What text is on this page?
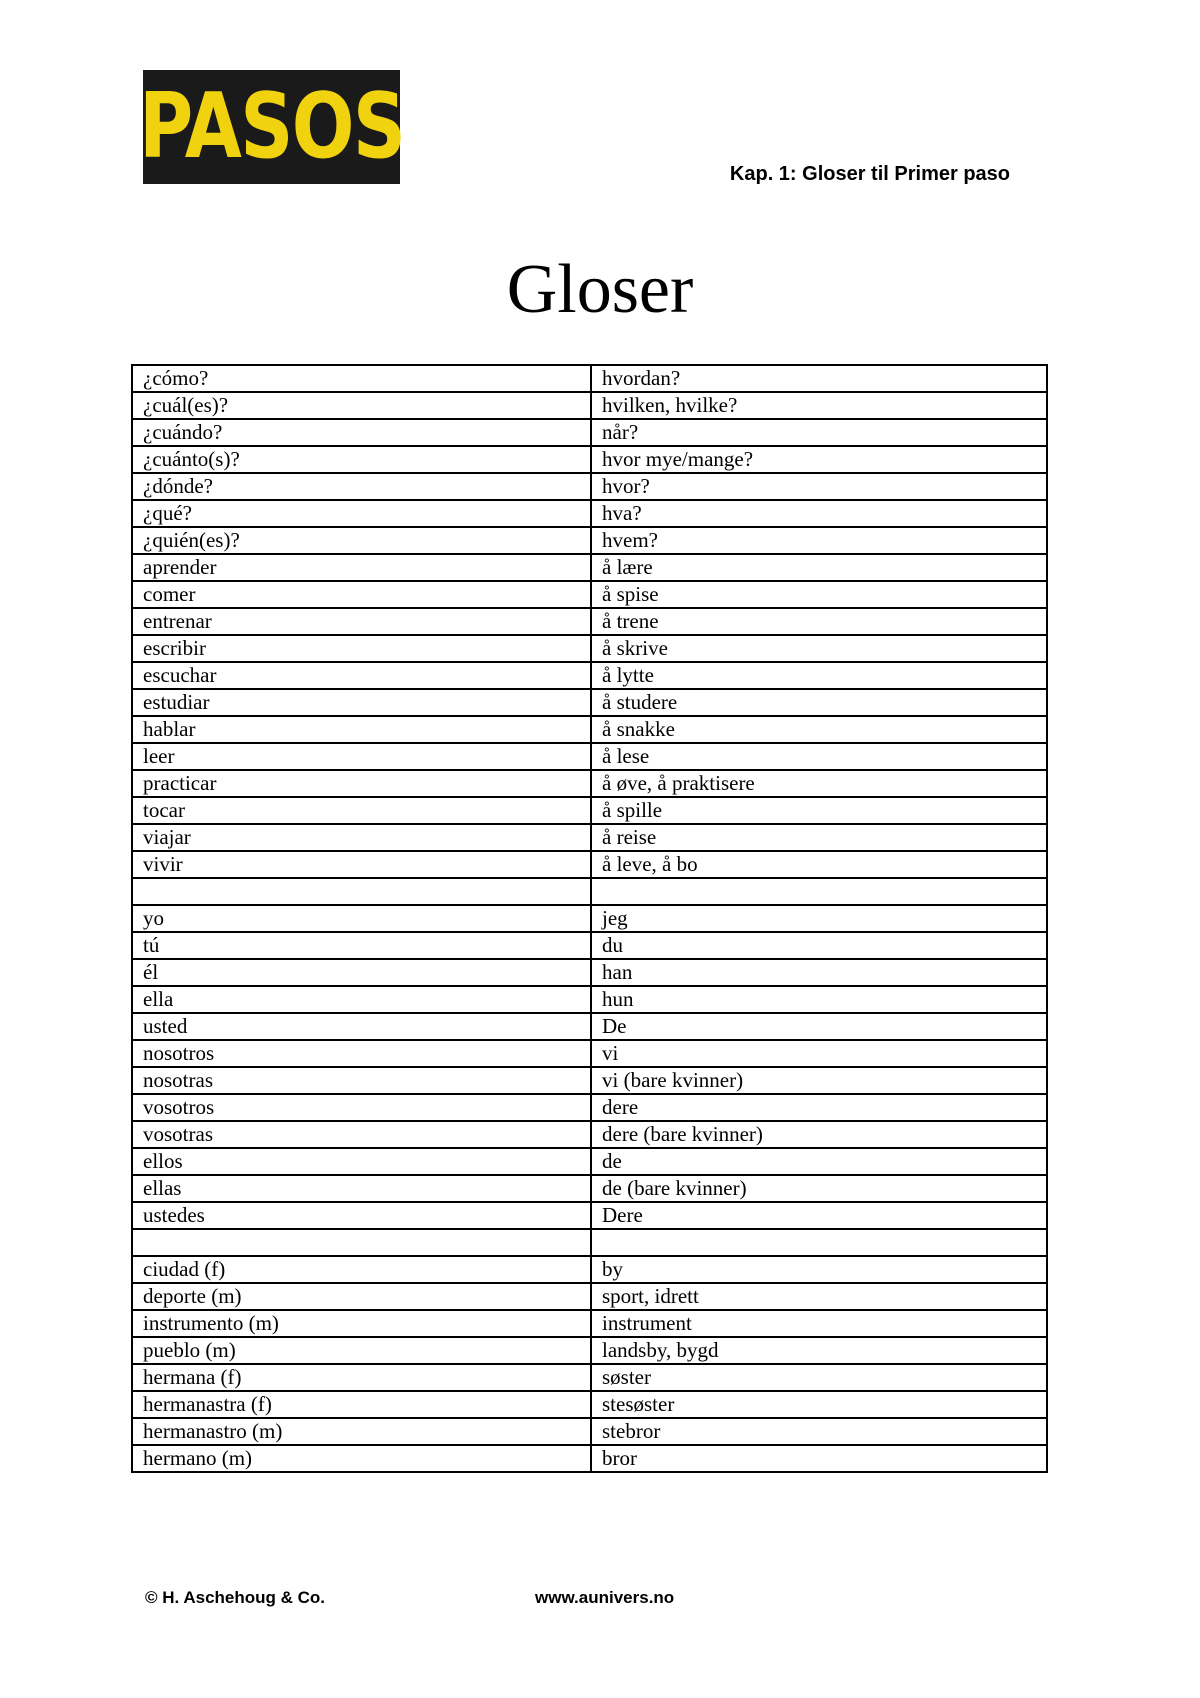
PASOS	Kap. 1: Gloser til Primer paso
Gloser
¿cómo?	hvordan?
¿cuál(es)?	hvilken, hvilke?
¿cuándo?	når?
¿cuánto(s)?	hvor mye/mange?
¿dónde?	hvor?
¿qué?	hva?
¿quién(es)?	hvem?
aprender	å lære
comer	å spise
entrenar	å trene
escribir	å skrive
escuchar	å lytte
estudiar	å studere
hablar	å snakke
leer	å lese
practicar	å øve, å praktisere
tocar	å spille
viajar	å reise
vivir	å leve, å bo

yo	jeg
tú	du
él	han
ella	hun
usted	De
nosotros	vi
nosotras	vi (bare kvinner)
vosotros	dere
vosotras	dere (bare kvinner)
ellos	de
ellas	de (bare kvinner)
ustedes	Dere

ciudad (f)	by
deporte (m)	sport, idrett
instrumento (m)	instrument
pueblo (m)	landsby, bygd
hermana (f)	søster
hermanastra (f)	stesøster
hermanastro (m)	stebror
hermano (m)	bror
© H. Aschehoug & Co.	www.aunivers.no
